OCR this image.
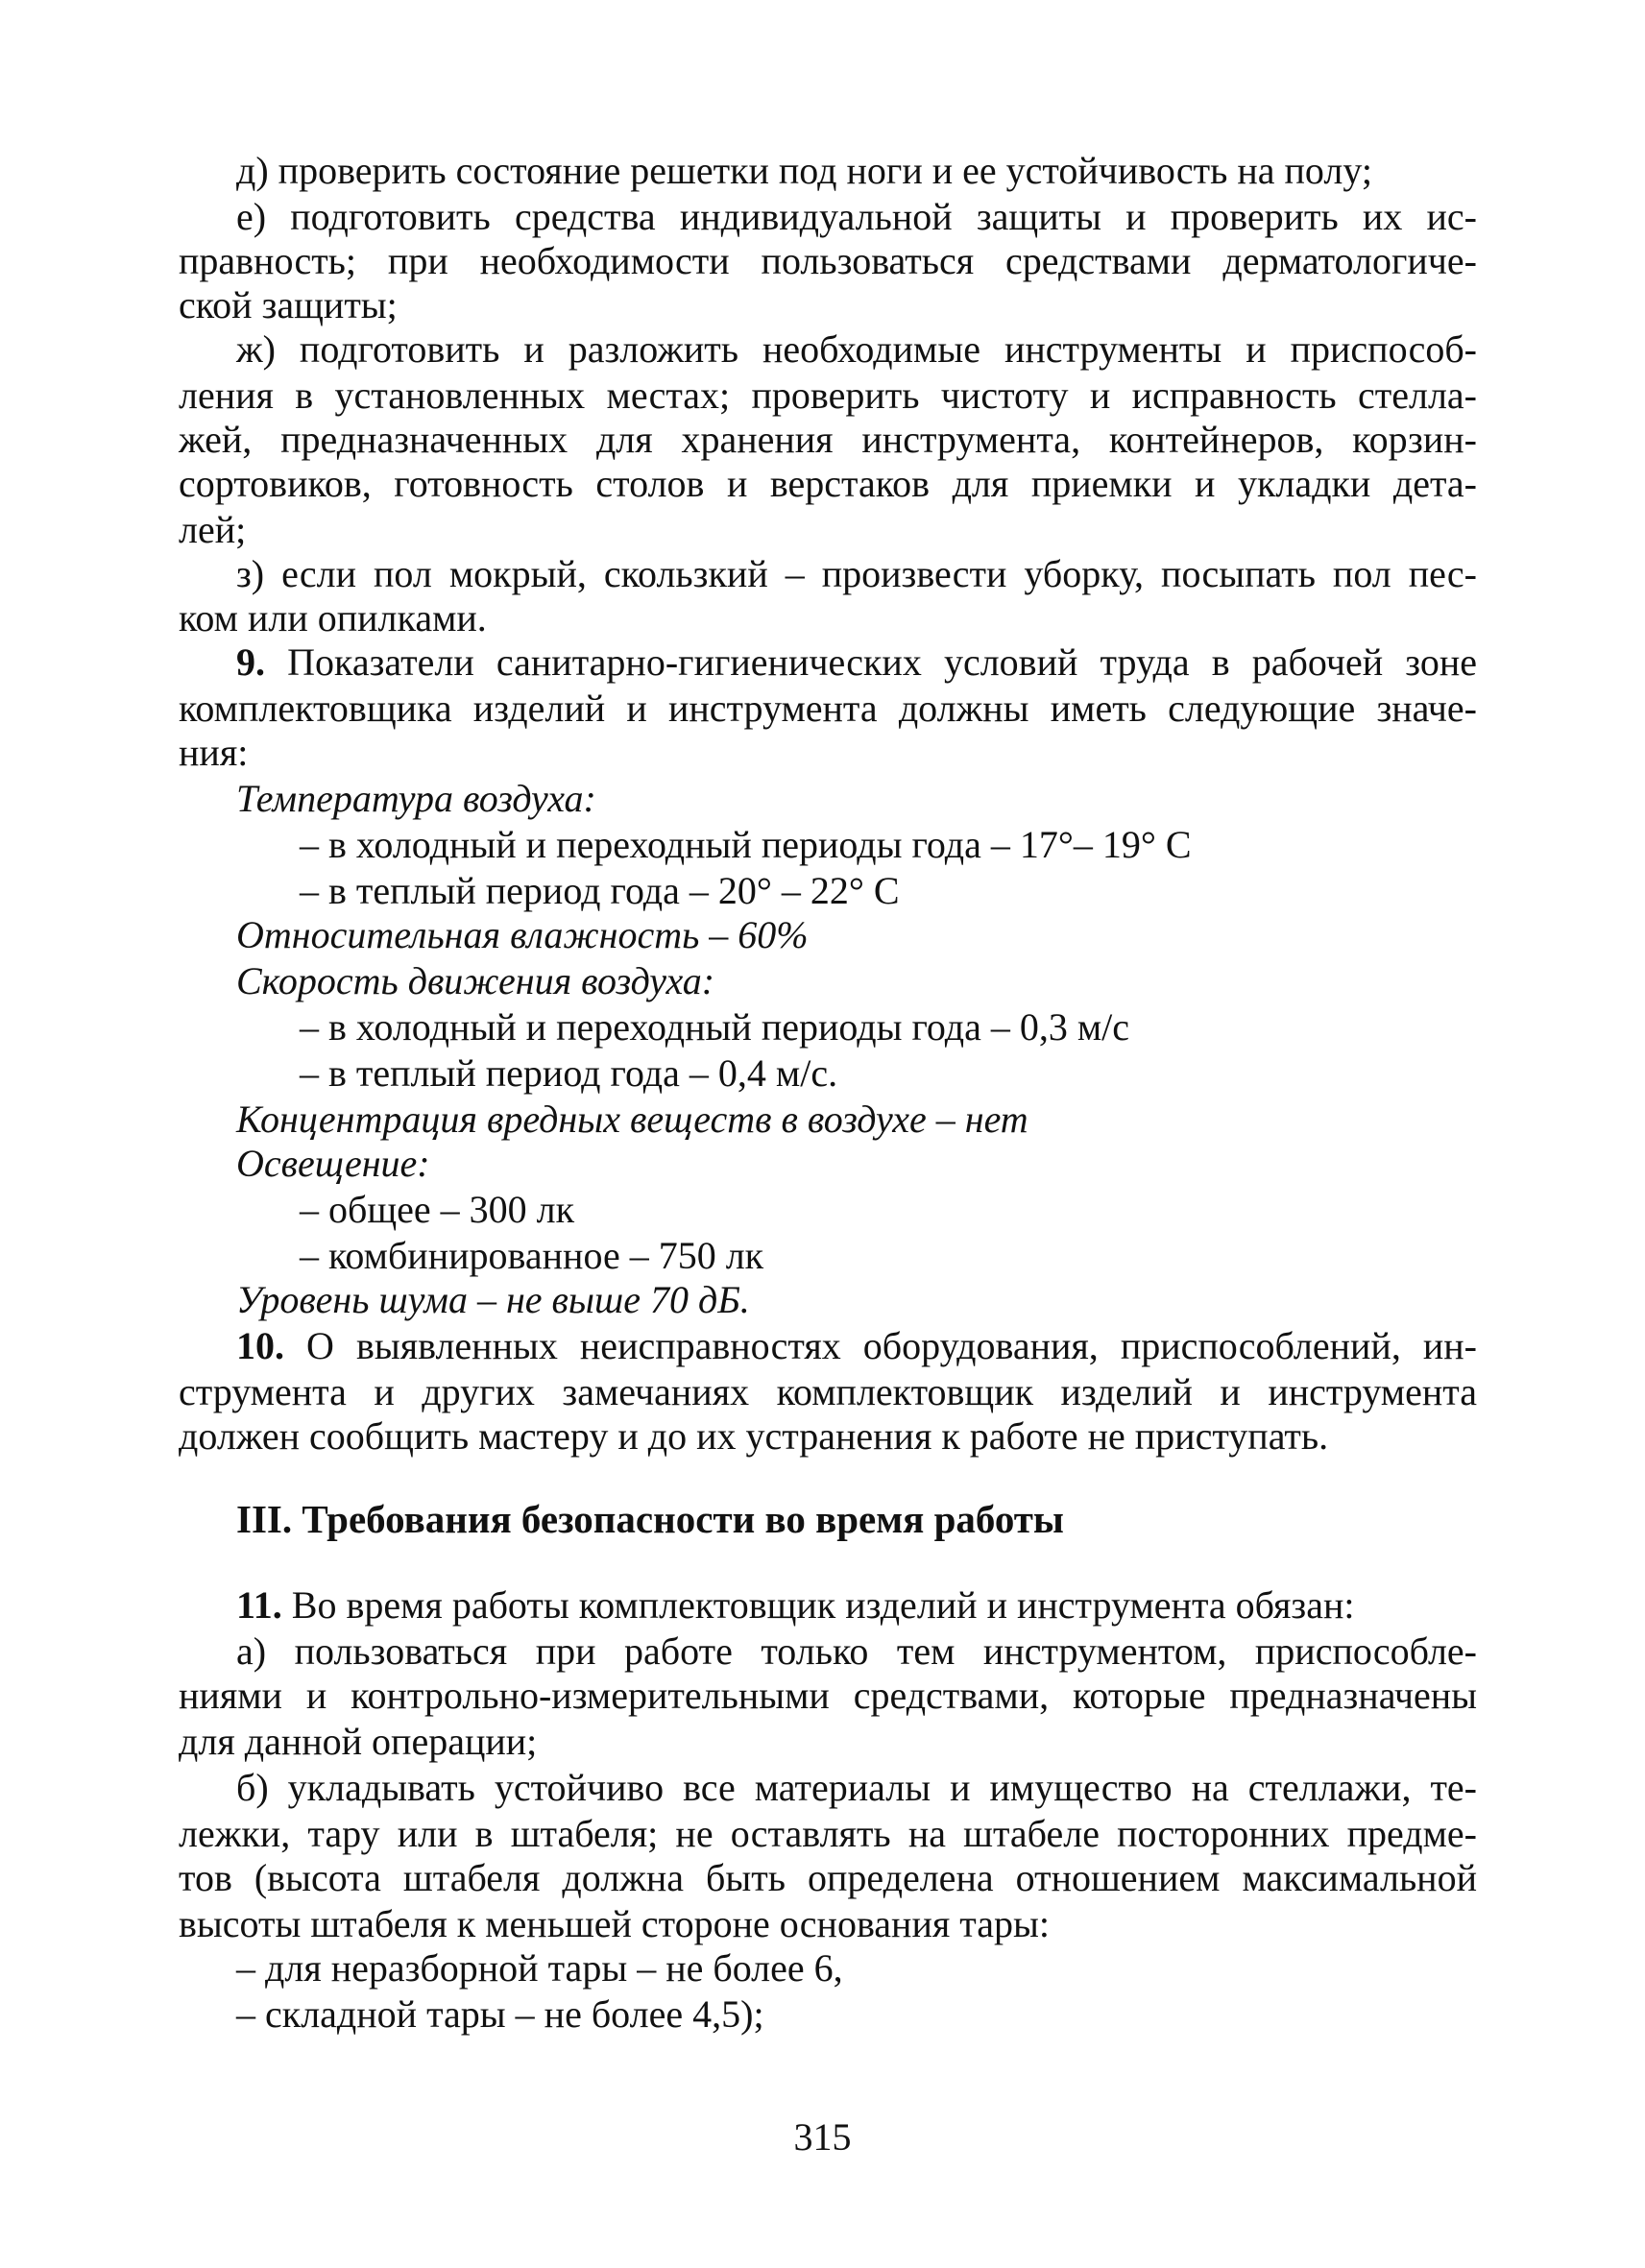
д) проверить состояние решетки под ноги и ее устойчивость на полу;
е) подготовить средства индивидуальной защиты и проверить их ис-
правность; при необходимости пользоваться средствами дерматологиче-
ской защиты;
ж) подготовить и разложить необходимые инструменты и приспособ-
ления в установленных местах; проверить чистоту и исправность стелла-
жей, предназначенных для хранения инструмента, контейнеров, корзин-
сортовиков, готовность столов и верстаков для приемки и укладки дета-
лей;
з) если пол мокрый, скользкий – произвести уборку, посыпать пол пес-
ком или опилками.
9. Показатели санитарно-гигиенических условий труда в рабочей зоне
комплектовщика изделий и инструмента должны иметь следующие значе-
ния:
Температура воздуха:
– в холодный и переходный периоды года – 17°– 19° С
– в теплый период года – 20° – 22° С
Относительная влажность – 60%
Скорость движения воздуха:
– в холодный и переходный периоды года – 0,3 м/с
– в теплый период года – 0,4 м/с.
Концентрация вредных веществ в воздухе – нет
Освещение:
– общее – 300 лк
– комбинированное – 750 лк
Уровень шума – не выше 70 дБ.
10. О выявленных неисправностях оборудования, приспособлений, ин-
струмента и других замечаниях комплектовщик изделий и инструмента
должен сообщить мастеру и до их устранения к работе не приступать.
III. Требования безопасности во время работы
11. Во время работы комплектовщик изделий и инструмента обязан:
а) пользоваться при работе только тем инструментом, приспособле-
ниями и контрольно-измерительными средствами, которые предназначены
для данной операции;
б) укладывать устойчиво все материалы и имущество на стеллажи, те-
лежки, тару или в штабеля; не оставлять на штабеле посторонних предме-
тов (высота штабеля должна быть определена отношением максимальной
высоты штабеля к меньшей стороне основания тары:
– для неразборной тары – не более 6,
– складной тары – не более 4,5);
315
